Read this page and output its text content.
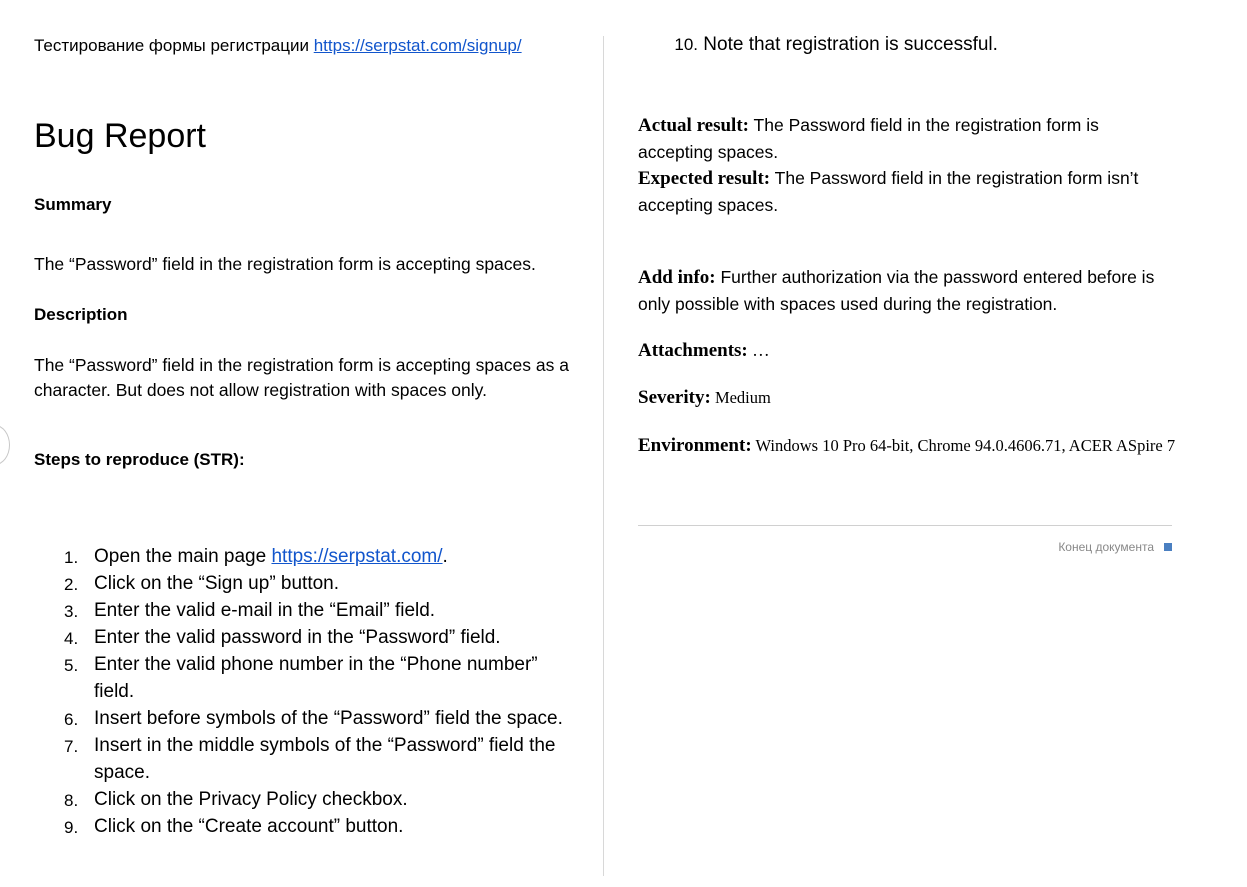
Тестирование формы регистрации https://serpstat.com/signup/
Bug Report
Summary
The “Password” field in the registration form is accepting spaces.
Description
The “Password” field in the registration form is accepting spaces as a character. But does not allow registration with spaces only.
Steps to reproduce (STR):
1. Open the main page https://serpstat.com/.
2. Click on the “Sign up” button.
3. Enter the valid e-mail in the “Email” field.
4. Enter the valid password in the “Password” field.
5. Enter the valid phone number in the “Phone number” field.
6. Insert before symbols of the “Password” field the space.
7. Insert in the middle symbols of the “Password” field the space.
8. Click on the Privacy Policy checkbox.
9. Click on the “Create account” button.
10. Note that registration is successful.
Actual result: The Password field in the registration form is accepting spaces.
Expected result: The Password field in the registration form isn’t accepting spaces.
Add info: Further authorization via the password entered before is only possible with spaces used during the registration.
Attachments: …
Severity: Medium
Environment: Windows 10 Pro 64-bit, Chrome 94.0.4606.71, ACER ASpire 7
Конец документа
